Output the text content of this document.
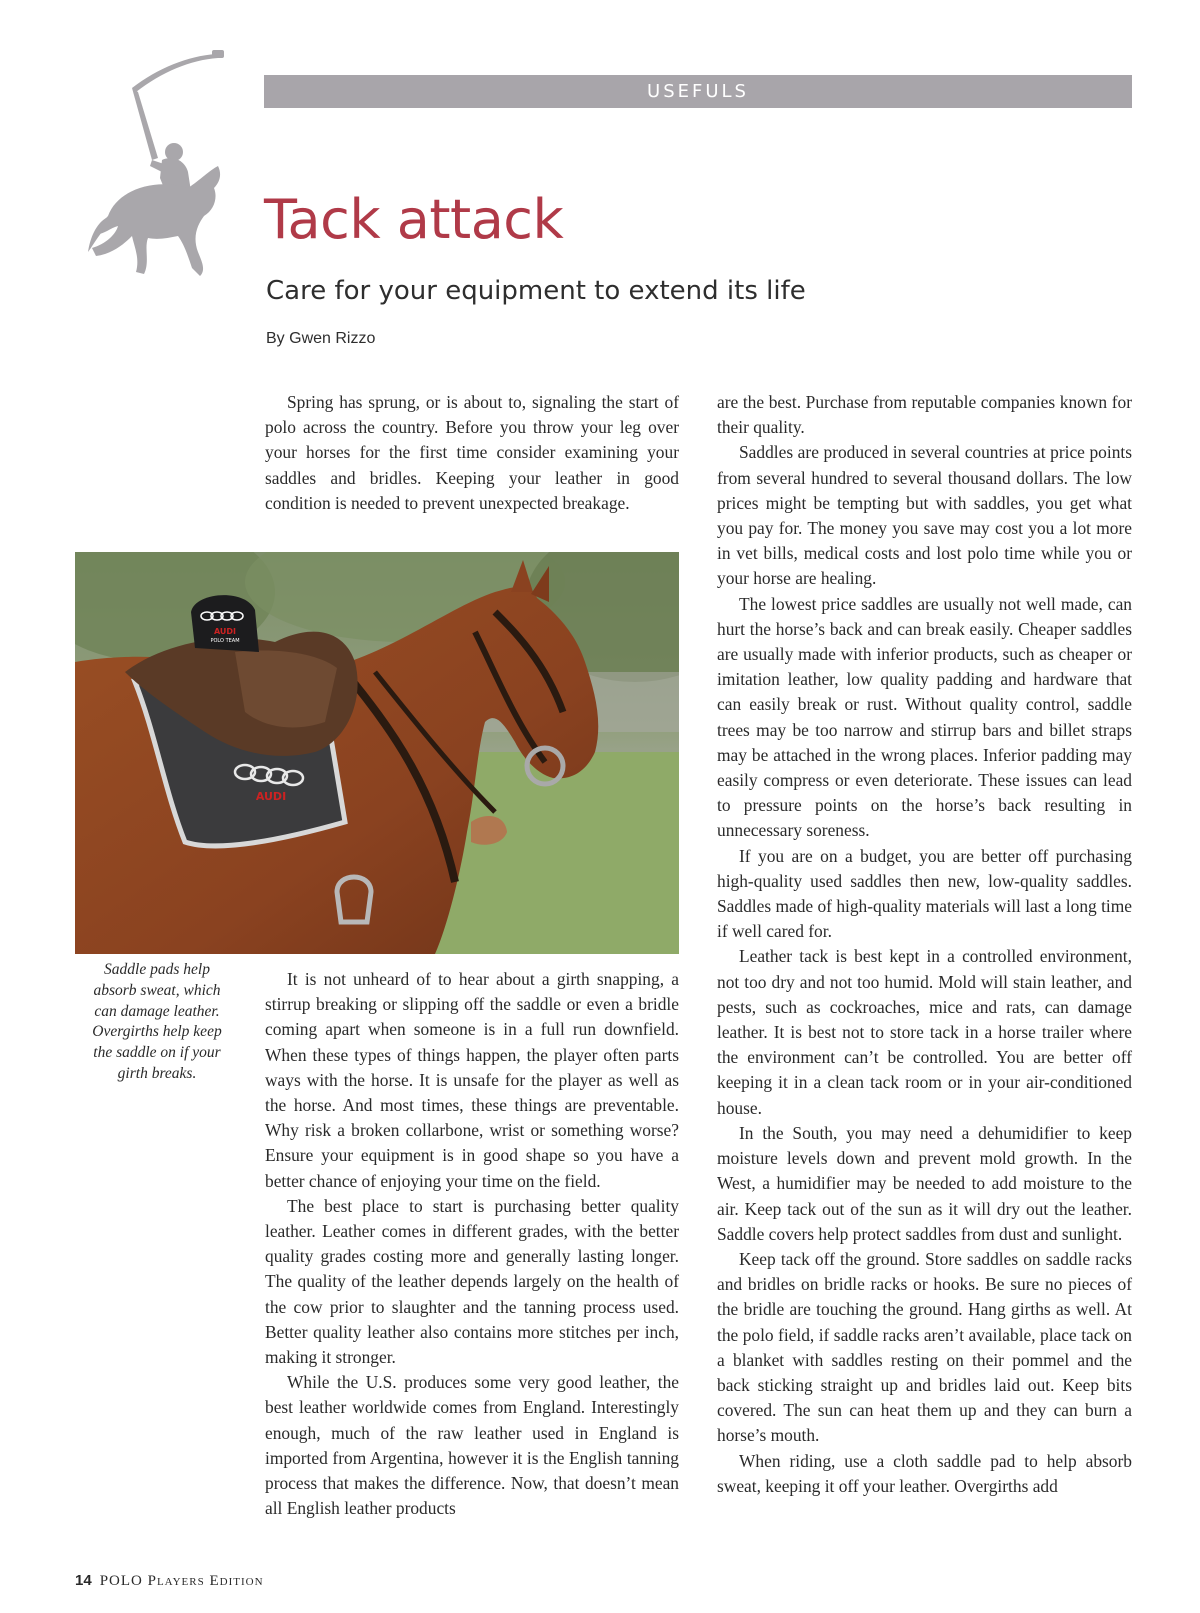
USEFULS
Tack attack
Care for your equipment to extend its life
By Gwen Rizzo

Spring has sprung, or is about to, signaling the start of polo across the country. Before you throw your leg over your horses for the first time consider examining your saddles and bridles. Keeping your leather in good condition is needed to prevent unexpected breakage.

AUDI
POLO TEAM
AUDI
Saddle pads help absorb sweat, which can damage leather. Overgirths help keep the saddle on if your girth breaks.

It is not unheard of to hear about a girth snapping, a stirrup breaking or slipping off the saddle or even a bridle coming apart when someone is in a full run downfield. When these types of things happen, the player often parts ways with the horse. It is unsafe for the player as well as the horse. And most times, these things are preventable. Why risk a broken collarbone, wrist or something worse? Ensure your equipment is in good shape so you have a better chance of enjoying your time on the field.

The best place to start is purchasing better quality leather. Leather comes in different grades, with the better quality grades costing more and generally lasting longer. The quality of the leather depends largely on the health of the cow prior to slaughter and the tanning process used. Better quality leather also contains more stitches per inch, making it stronger.

While the U.S. produces some very good leather, the best leather worldwide comes from England. Interestingly enough, much of the raw leather used in England is imported from Argentina, however it is the English tanning process that makes the difference. Now, that doesn’t mean all English leather products

are the best. Purchase from reputable companies known for their quality.

Saddles are produced in several countries at price points from several hundred to several thousand dollars. The low prices might be tempting but with saddles, you get what you pay for. The money you save may cost you a lot more in vet bills, medical costs and lost polo time while you or your horse are healing.

The lowest price saddles are usually not well made, can hurt the horse’s back and can break easily. Cheaper saddles are usually made with inferior products, such as cheaper or imitation leather, low quality padding and hardware that can easily break or rust. Without quality control, saddle trees may be too narrow and stirrup bars and billet straps may be attached in the wrong places. Inferior padding may easily compress or even deteriorate. These issues can lead to pressure points on the horse’s back resulting in unnecessary soreness.

If you are on a budget, you are better off purchasing high-quality used saddles then new, low-quality saddles. Saddles made of high-quality materials will last a long time if well cared for.

Leather tack is best kept in a controlled environment, not too dry and not too humid. Mold will stain leather, and pests, such as cockroaches, mice and rats, can damage leather. It is best not to store tack in a horse trailer where the environment can’t be controlled. You are better off keeping it in a clean tack room or in your air-conditioned house.

In the South, you may need a dehumidifier to keep moisture levels down and prevent mold growth. In the West, a humidifier may be needed to add moisture to the air. Keep tack out of the sun as it will dry out the leather. Saddle covers help protect saddles from dust and sunlight.

Keep tack off the ground. Store saddles on saddle racks and bridles on bridle racks or hooks. Be sure no pieces of the bridle are touching the ground. Hang girths as well. At the polo field, if saddle racks aren’t available, place tack on a blanket with saddles resting on their pommel and the back sticking straight up and bridles laid out. Keep bits covered. The sun can heat them up and they can burn a horse’s mouth.

When riding, use a cloth saddle pad to help absorb sweat, keeping it off your leather. Overgirths add

14 POLO Players Edition
